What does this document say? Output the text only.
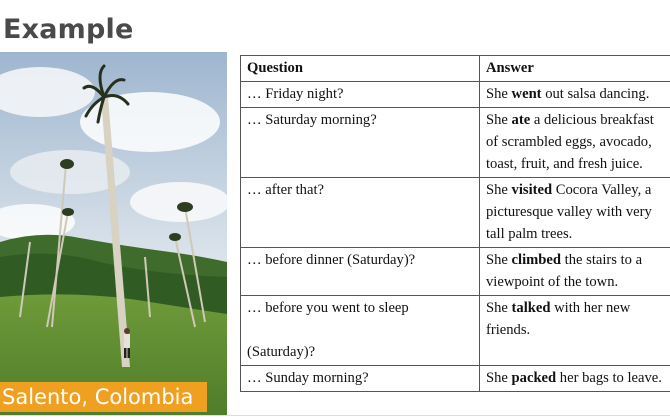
Example
Salento, Colombia
Question	Answer
… Friday night?	She went out salsa dancing.
… Saturday morning?	She ate a delicious breakfast of scrambled eggs, avocado, toast, fruit, and fresh juice.
… after that?	She visited Cocora Valley, a picturesque valley with very tall palm trees.
… before dinner (Saturday)?	She climbed the stairs to a viewpoint of the town.

… before you went to sleep
(Saturday)?	She talked with her new friends.
… Sunday morning?	She packed her bags to leave.
